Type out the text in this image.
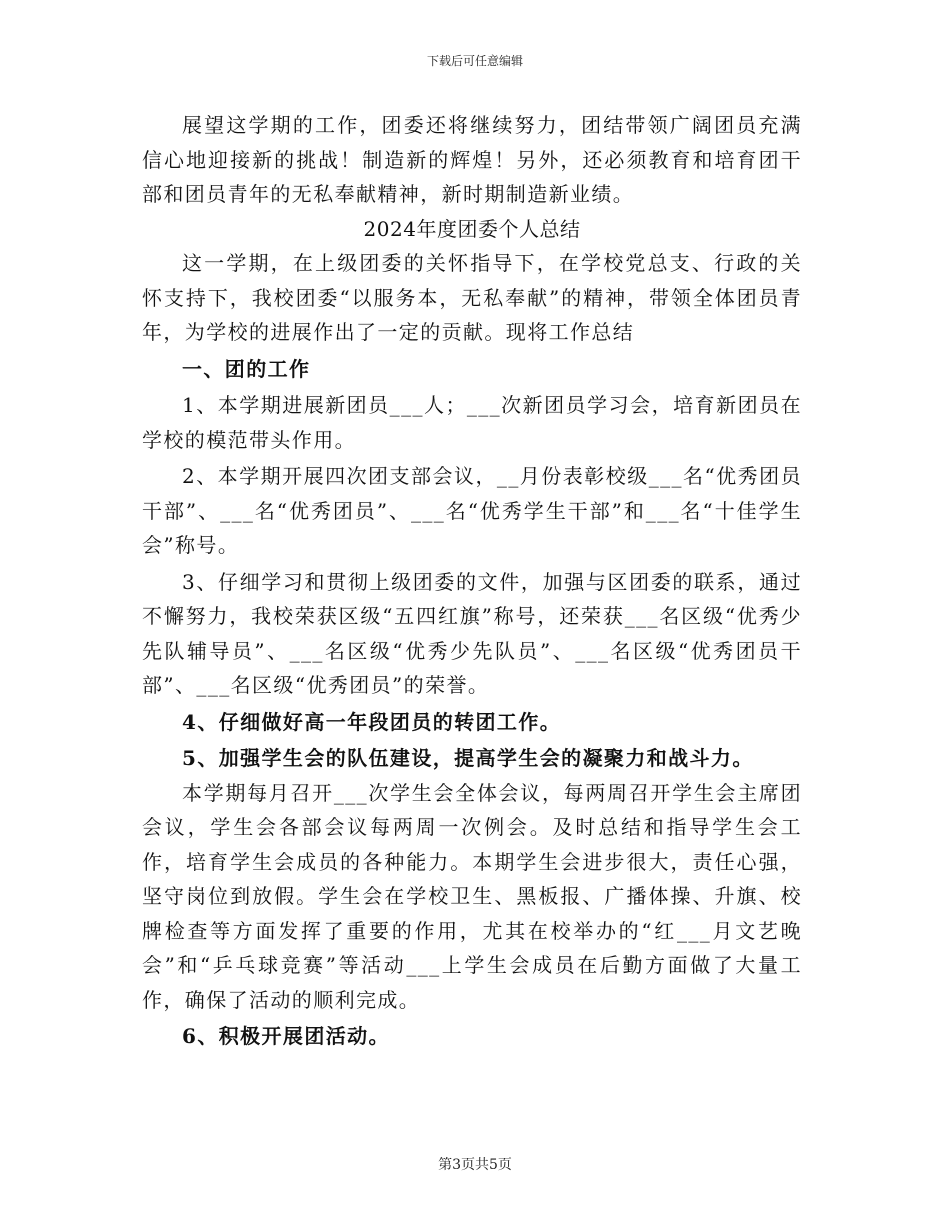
下载后可任意编辑

展望这学期的工作，团委还将继续努力，团结带领广阔团员充满信心地迎接新的挑战！制造新的辉煌！另外，还必须教育和培育团干部和团员青年的无私奉献精神，新时期制造新业绩。

2024年度团委个人总结

这一学期，在上级团委的关怀指导下，在学校党总支、行政的关怀支持下，我校团委“以服务本，无私奉献”的精神，带领全体团员青年，为学校的进展作出了一定的贡献。现将工作总结

一、团的工作

1、本学期进展新团员___人；___次新团员学习会，培育新团员在学校的模范带头作用。

2、本学期开展四次团支部会议，__月份表彰校级___名“优秀团员干部”、___名“优秀团员”、___名“优秀学生干部”和___名“十佳学生会”称号。

3、仔细学习和贯彻上级团委的文件，加强与区团委的联系，通过不懈努力，我校荣获区级“五四红旗”称号，还荣获___名区级“优秀少先队辅导员”、___名区级“优秀少先队员”、___名区级“优秀团员干部”、___名区级“优秀团员”的荣誉。

4、仔细做好高一年段团员的转团工作。

5、加强学生会的队伍建设，提高学生会的凝聚力和战斗力。

本学期每月召开___次学生会全体会议，每两周召开学生会主席团会议，学生会各部会议每两周一次例会。及时总结和指导学生会工作，培育学生会成员的各种能力。本期学生会进步很大，责任心强，坚守岗位到放假。学生会在学校卫生、黑板报、广播体操、升旗、校牌检查等方面发挥了重要的作用，尤其在校举办的“红___月文艺晚会”和“乒乓球竞赛”等活动___上学生会成员在后勤方面做了大量工作，确保了活动的顺利完成。

6、积极开展团活动。

第3页共5页
